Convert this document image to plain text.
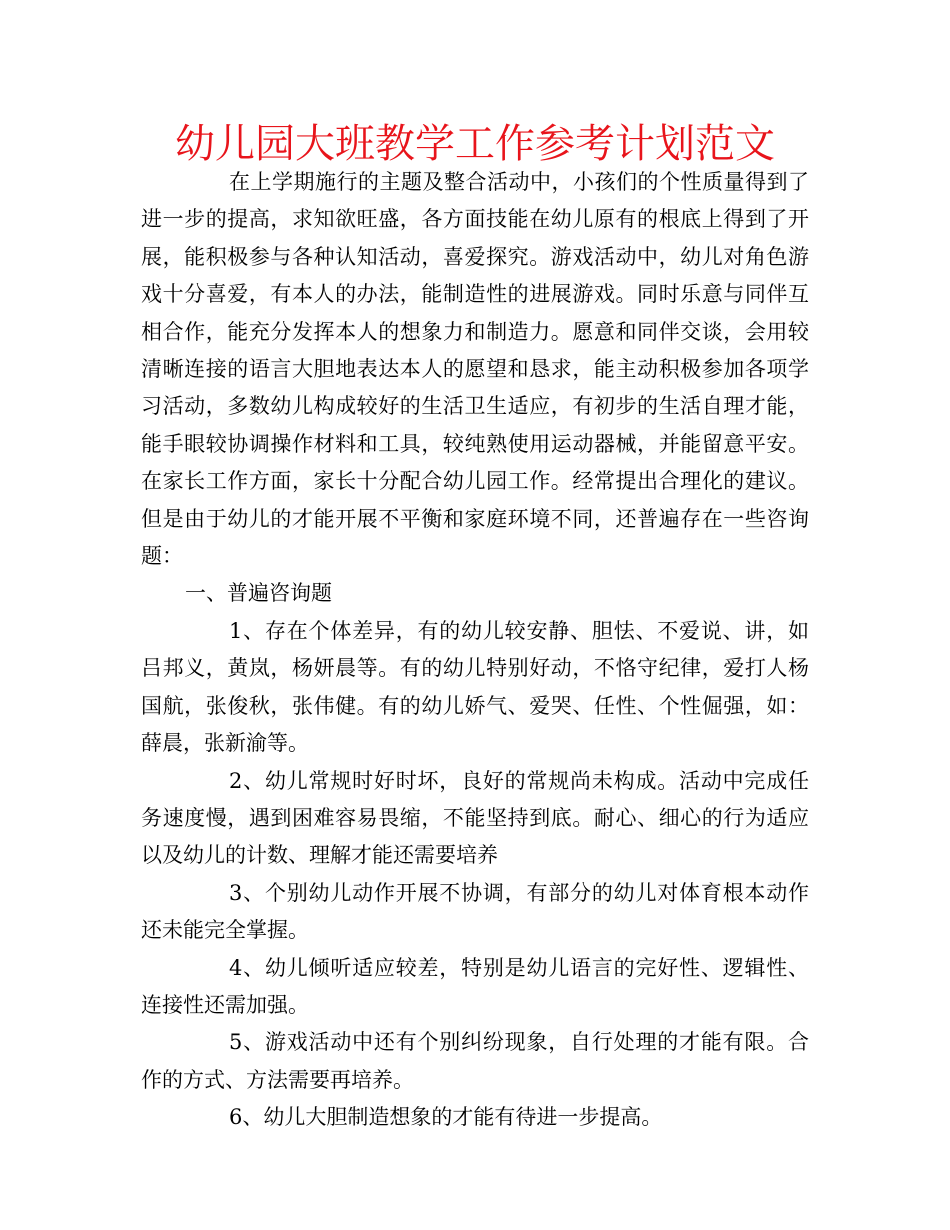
幼儿园大班教学工作参考计划范文

在上学期施行的主题及整合活动中，小孩们的个性质量得到了进一步的提高，求知欲旺盛，各方面技能在幼儿原有的根底上得到了开展，能积极参与各种认知活动，喜爱探究。游戏活动中，幼儿对角色游戏十分喜爱，有本人的办法，能制造性的进展游戏。同时乐意与同伴互相合作，能充分发挥本人的想象力和制造力。愿意和同伴交谈，会用较清晰连接的语言大胆地表达本人的愿望和恳求，能主动积极参加各项学习活动，多数幼儿构成较好的生活卫生适应，有初步的生活自理才能，能手眼较协调操作材料和工具，较纯熟使用运动器械，并能留意平安。在家长工作方面，家长十分配合幼儿园工作。经常提出合理化的建议。但是由于幼儿的才能开展不平衡和家庭环境不同，还普遍存在一些咨询题：

一、普遍咨询题

1、存在个体差异，有的幼儿较安静、胆怯、不爱说、讲，如吕邦义，黄岚，杨妍晨等。有的幼儿特别好动，不恪守纪律，爱打人杨国航，张俊秋，张伟健。有的幼儿娇气、爱哭、任性、个性倔强，如：薛晨，张新渝等。

2、幼儿常规时好时坏，良好的常规尚未构成。活动中完成任务速度慢，遇到困难容易畏缩，不能坚持到底。耐心、细心的行为适应以及幼儿的计数、理解才能还需要培养

3、个别幼儿动作开展不协调，有部分的幼儿对体育根本动作还未能完全掌握。

4、幼儿倾听适应较差，特别是幼儿语言的完好性、逻辑性、连接性还需加强。

5、游戏活动中还有个别纠纷现象，自行处理的才能有限。合作的方式、方法需要再培养。

6、幼儿大胆制造想象的才能有待进一步提高。
